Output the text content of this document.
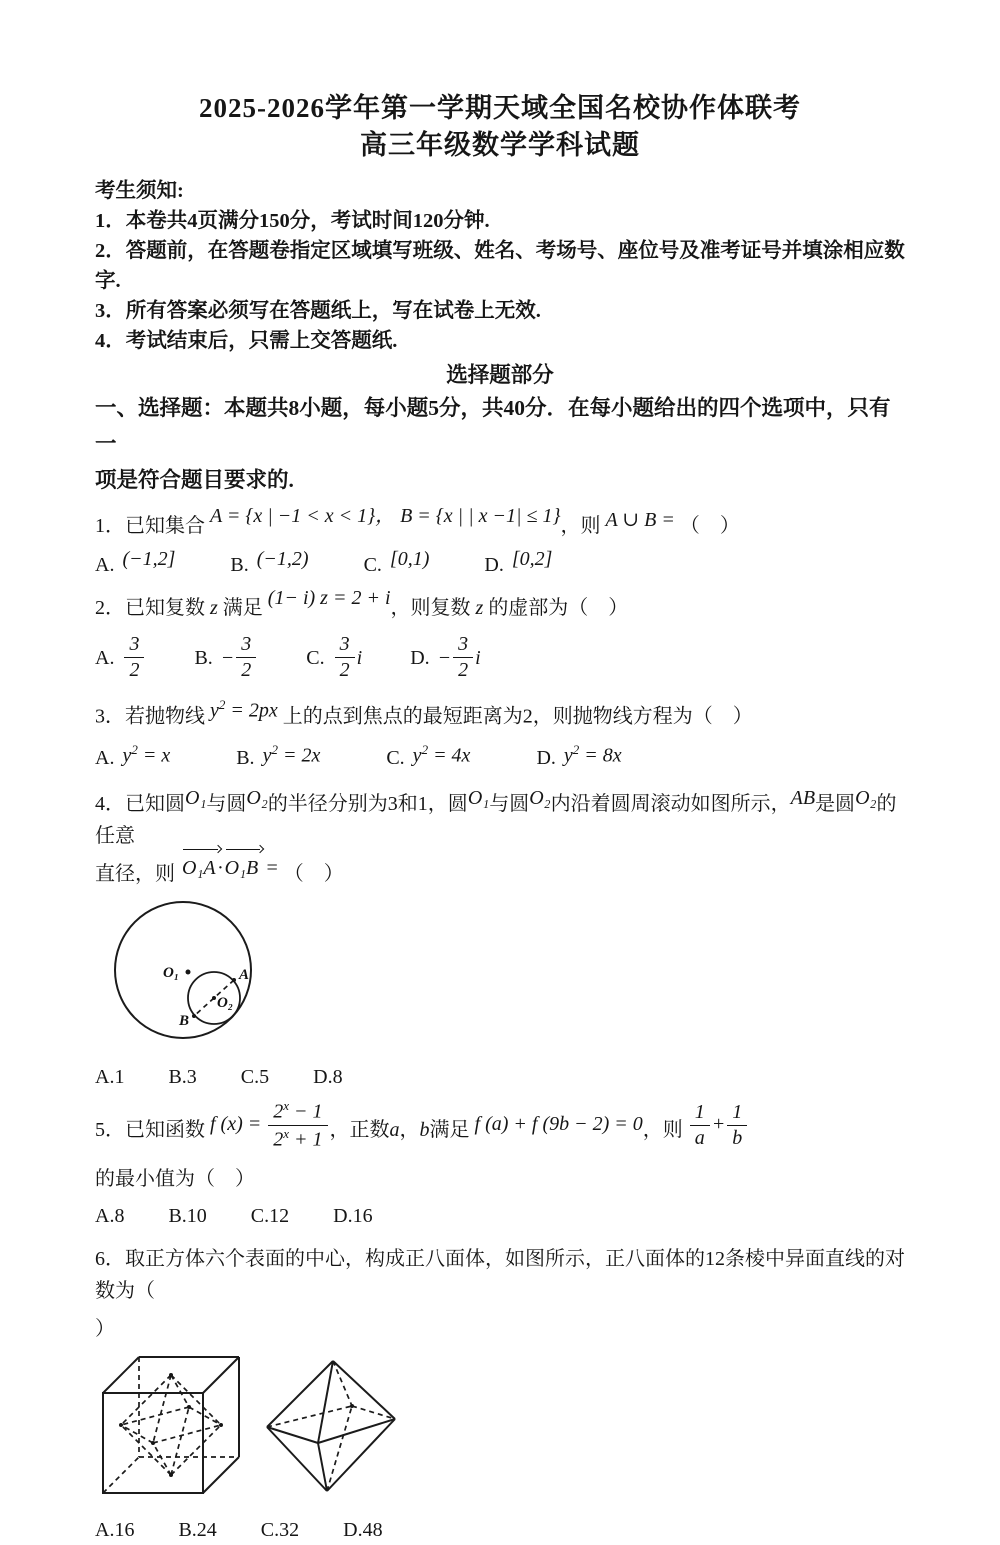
2025-2026学年第一学期天域全国名校协作体联考
高三年级数学学科试题

考生须知:

1．本卷共4页满分150分，考试时间120分钟.

2．答题前，在答题卷指定区域填写班级、姓名、考场号、座位号及准考证号并填涂相应数

字.

3．所有答案必须写在答题纸上，写在试卷上无效.

4．考试结束后，只需上交答题纸.

选择题部分

一、选择题：本题共8小题，每小题5分，共40分．在每小题给出的四个选项中，只有一

项是符合题目要求的.

1．已知集合 A = {x | −1 < x < 1}， B = {x | | x −1| ≤ 1}，则 A ∪ B = （　）

A. (−1,2]	B. (−1,2)	C. [0,1)	D. [0,2]

2．已知复数 z 满足 (1− i) z = 2 + i，则复数 z 的虚部为（　）

A. $\frac{3}{2}$	B. − $\frac{3}{2}$	C. $\frac{3}{2}$ i D. − $\frac{3}{2}$ i

3．若抛物线 $y^2 = 2px$ 上的点到焦点的最短距离为2，则抛物线方程为（　）

A. $y^2 = x$	B. $y^2 = 2x$	C. $y^2 = 4x$	D. $y^2 = 8x$

4．已知圆O₁与圆O₂的半径分别为3和1，圆O₁与圆O₂内沿着圆周滚动如图所示，AB是圆O₂的任意

直径，则 O₁A · O₁B = （　）

O₁
O₂
A
B
A.1 B.3 C.5 D.8

5．已知函数 f $(x) = \frac{2^x - 1}{2^x + 1}$ ，正数a，b满足 f (a) + f (9b − 2) = 0，则 $\frac{1}{a} + \frac{1}{b}$
的最小值为（　）

A.8 B.10 C.12 D.16

6．取正方体六个表面的中心，构成正八面体，如图所示，正八面体的12条棱中异面直线的对数为（

）

A.16 B.24 C.32 D.48
